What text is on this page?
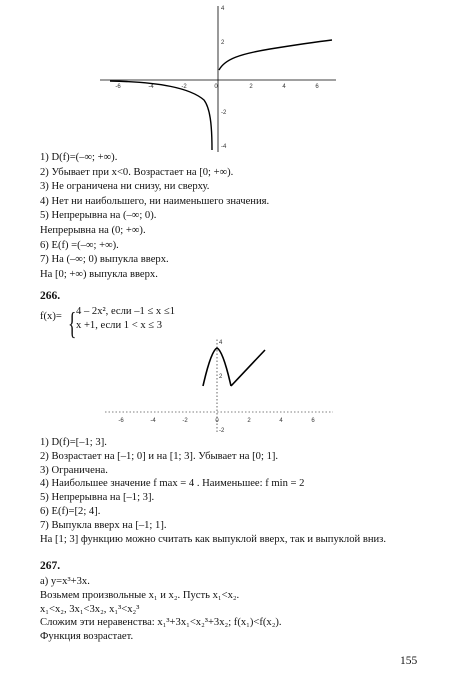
-6	-4	-2	0	2	4	6
4
2
-2
-4
1) D(f)=(–∞; +∞).
2) Убывает при x<0. Возрастает на [0; +∞).
3) Не ограничена ни снизу, ни сверху.
4) Нет ни наибольшего, ни наименьшего значения.
5) Непрерывна на (–∞; 0).
Непрерывна на (0; +∞).
6) E(f) =(–∞; +∞).
7) На (–∞; 0) выпукла вверх.
На [0; +∞) выпукла вверх.
266.
f(x)= { 4 – 2x², если –1 ≤ x ≤1
x +1, если 1 < x ≤ 3
-6	-4	-2	0	2	4	6
4
2
-2
1) D(f)=[–1; 3].
2) Возрастает на [–1; 0] и на [1; 3]. Убывает на [0; 1].
3) Ограничена.
4) Наибольшее значение f max = 4 . Наименьшее: f min = 2
5) Непрерывна на [–1; 3].
6) E(f)=[2; 4].
7) Выпукла вверх на [–1; 1].
На [1; 3] функцию можно считать как выпуклой вверх, так и выпуклой вниз.
267.
а) y=x³+3x.
Возьмем произвольные x₁ и x₂. Пусть x₁<x₂.
x₁<x₂, 3x₁<3x₂, x₁³<x₂³
Сложим эти неравенства: x₁³+3x₁<x₂³+3x₂; f(x₁)<f(x₂).
Функция возрастает.
155
